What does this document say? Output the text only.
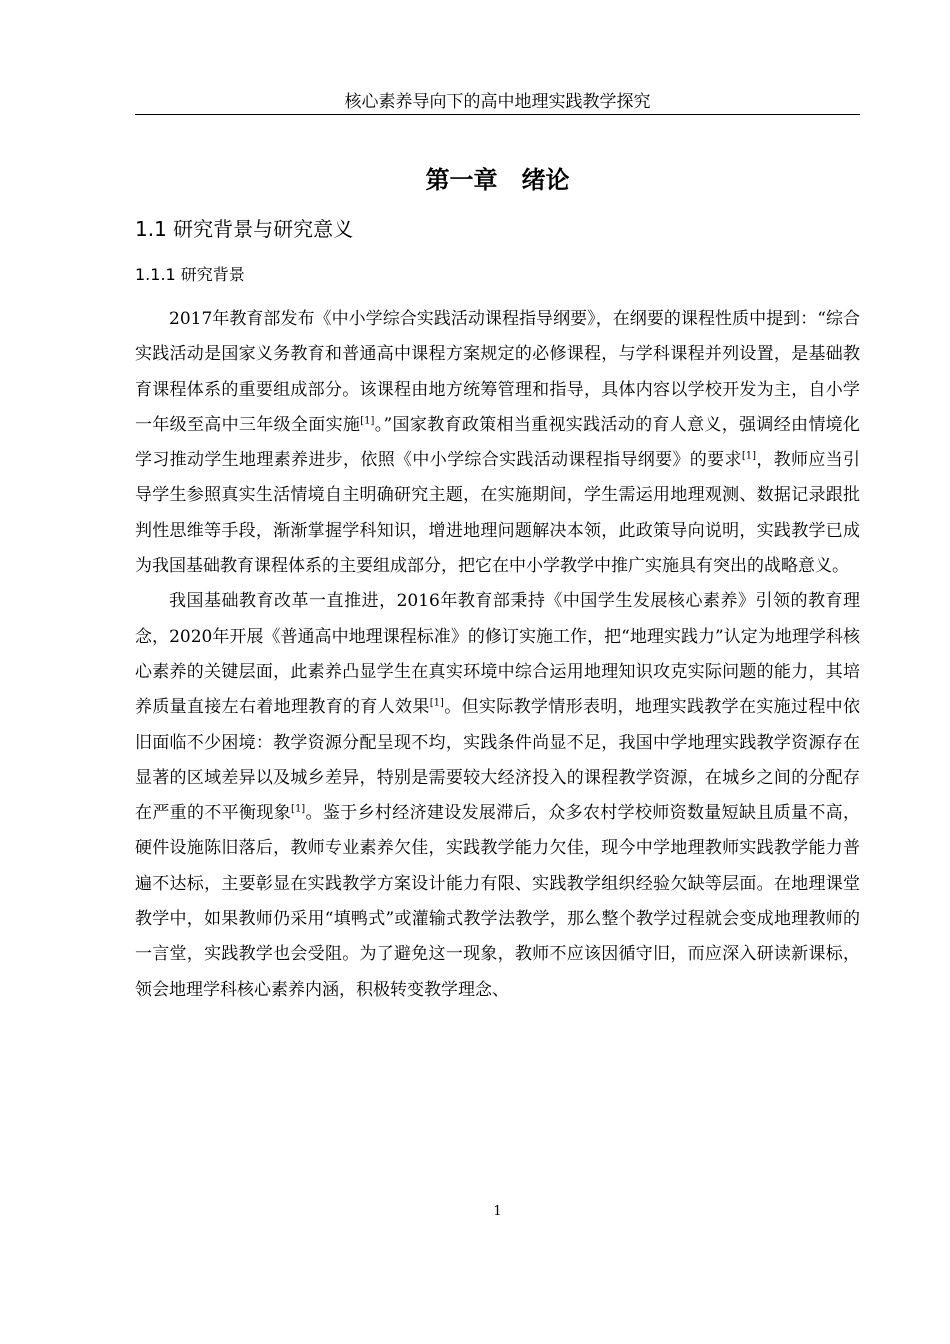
核心素养导向下的高中地理实践教学探究
第一章　绪论
1.1 研究背景与研究意义
1.1.1 研究背景

2017年教育部发布《中小学综合实践活动课程指导纲要》，在纲要的课程性质中提到：“综合实践活动是国家义务教育和普通高中课程方案规定的必修课程，与学科课程并列设置，是基础教育课程体系的重要组成部分。该课程由地方统筹管理和指导，具体内容以学校开发为主，自小学一年级至高中三年级全面实施[1]。”国家教育政策相当重视实践活动的育人意义，强调经由情境化学习推动学生地理素养进步，依照《中小学综合实践活动课程指导纲要》的要求[1]，教师应当引导学生参照真实生活情境自主明确研究主题，在实施期间，学生需运用地理观测、数据记录跟批判性思维等手段，渐渐掌握学科知识，增进地理问题解决本领，此政策导向说明，实践教学已成为我国基础教育课程体系的主要组成部分，把它在中小学教学中推广实施具有突出的战略意义。

我国基础教育改革一直推进，2016年教育部秉持《中国学生发展核心素养》引领的教育理念，2020年开展《普通高中地理课程标准》的修订实施工作，把“地理实践力”认定为地理学科核心素养的关键层面，此素养凸显学生在真实环境中综合运用地理知识攻克实际问题的能力，其培养质量直接左右着地理教育的育人效果[1]。但实际教学情形表明，地理实践教学在实施过程中依旧面临不少困境：教学资源分配呈现不均，实践条件尚显不足，我国中学地理实践教学资源存在显著的区域差异以及城乡差异，特别是需要较大经济投入的课程教学资源，在城乡之间的分配存在严重的不平衡现象[1]。鉴于乡村经济建设发展滞后，众多农村学校师资数量短缺且质量不高，硬件设施陈旧落后，教师专业素养欠佳，实践教学能力欠佳，现今中学地理教师实践教学能力普遍不达标，主要彰显在实践教学方案设计能力有限、实践教学组织经验欠缺等层面。在地理课堂教学中，如果教师仍采用“填鸭式”或灌输式教学法教学，那么整个教学过程就会变成地理教师的一言堂，实践教学也会受阻。为了避免这一现象，教师不应该因循守旧，而应深入研读新课标，领会地理学科核心素养内涵，积极转变教学理念、

1
